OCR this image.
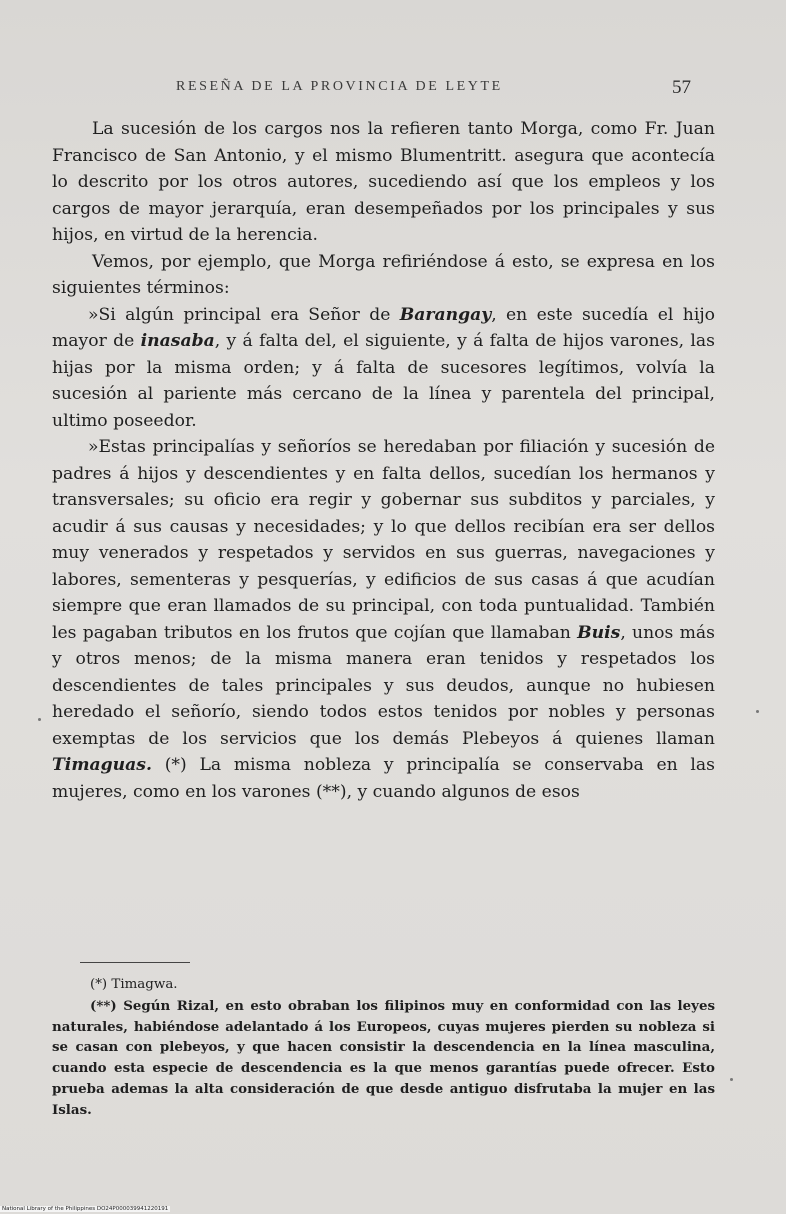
RESEÑA DE LA PROVINCIA DE LEYTE	57

La sucesión de los cargos nos la refieren tanto Morga, como Fr. Juan Francisco de San Antonio, y el mismo Blumentritt. asegura que acontecía lo descrito por los otros autores, sucediendo así que los empleos y los cargos de mayor jerarquía, eran desempeñados por los principales y sus hijos, en virtud de la herencia.

Vemos, por ejemplo, que Morga refiriéndose á esto, se expresa en los siguientes términos:

»Si algún principal era Señor de Barangay, en este sucedía el hijo mayor de inasaba, y á falta del, el siguiente, y á falta de hijos varones, las hijas por la misma orden; y á falta de sucesores legítimos, volvía la sucesión al pariente más cercano de la línea y parentela del principal, ultimo poseedor.

»Estas principalías y señoríos se heredaban por filiación y sucesión de padres á hijos y descendientes y en falta dellos, sucedían los hermanos y transversales; su oficio era regir y gobernar sus subditos y parciales, y acudir á sus causas y necesidades; y lo que dellos recibían era ser dellos muy venerados y respetados y servidos en sus guerras, navegaciones y labores, sementeras y pesquerías, y edificios de sus casas á que acudían siempre que eran llamados de su principal, con toda puntualidad. También les pagaban tributos en los frutos que cojían que llamaban Buis, unos más y otros menos; de la misma manera eran tenidos y respetados los descendientes de tales principales y sus deudos, aunque no hubiesen heredado el señorío, siendo todos estos tenidos por nobles y personas exemptas de los servicios que los demás Plebeyos á quienes llaman Timaguas. (*) La misma nobleza y principalía se conservaba en las mujeres, como en los varones (**), y cuando algunos de esos

(*) Timagwa.

(**) Según Rizal, en esto obraban los filipinos muy en conformidad con las leyes naturales, habiéndose adelantado á los Europeos, cuyas mujeres pierden su nobleza si se casan con plebeyos, y que hacen consistir la descendencia en la línea masculina, cuando esta especie de descendencia es la que menos garantías puede ofrecer. Esto prueba ademas la alta consideración de que desde antiguo disfrutaba la mujer en las Islas.

National Library of the Philippines DO24P000039941220191
